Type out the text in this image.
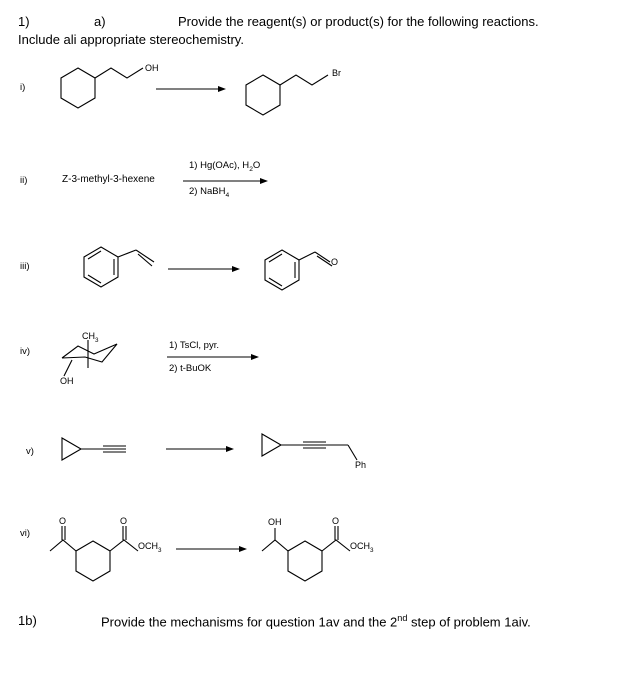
1)	a)	Provide the reagent(s) or product(s) for the following reactions.
Include ali appropriate stereochemistry.
i)
ii)
iii)
iv)
v)
vi)
OH	Br
Z-3-methyl-3-hexene
1) Hg(OAc), $H_2O$
2) NaBH$_4$
O
$CH_3$
OH
1) TsCl, pyr.
2) t-BuOK
Ph
O	O
$OCH_3$
OH	O
$OCH_3$
1b)	Provide the mechanisms for question 1av and the 2nd step of problem 1aiv.
